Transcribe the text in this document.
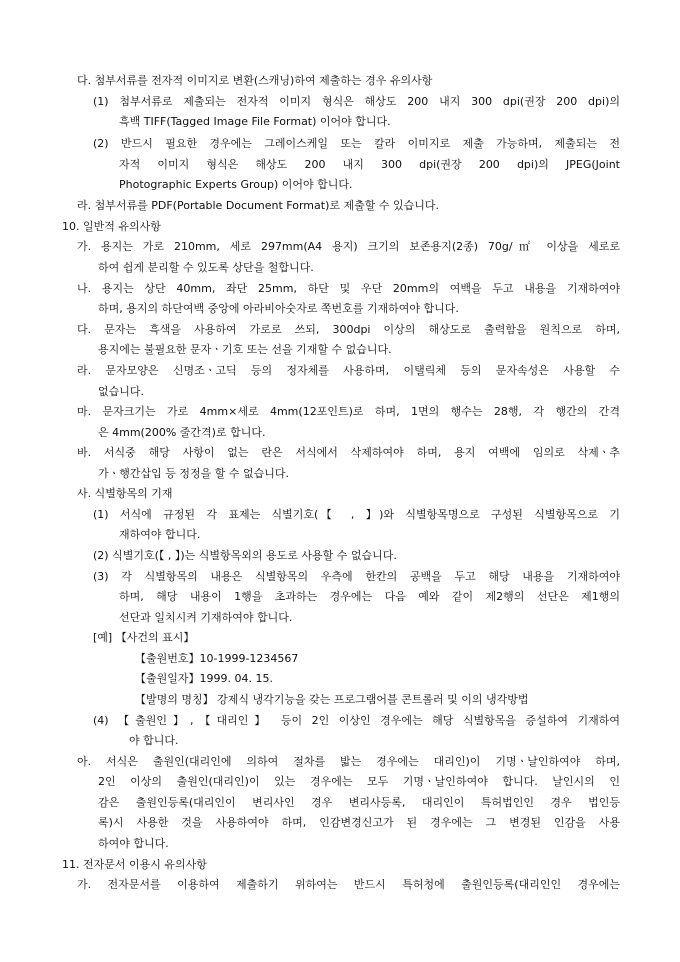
다. 첨부서류를 전자적 이미지로 변환(스캐닝)하여 제출하는 경우 유의사항
(1) 첨부서류로 제출되는 전자적 이미지 형식은 해상도 200 내지 300 dpi(권장 200 dpi)의
흑백 TIFF(Tagged Image File Format) 이어야 합니다.
(2) 반드시 필요한 경우에는 그레이스케일 또는 칼라 이미지로 제출 가능하며, 제출되는 전
자적 이미지 형식은 해상도 200 내지 300 dpi(권장 200 dpi)의 JPEG(Joint
Photographic Experts Group) 이어야 합니다.
라. 첨부서류를 PDF(Portable Document Format)로 제출할 수 있습니다.
10. 일반적 유의사항
가. 용지는 가로 210mm, 세로 297mm(A4 용지) 크기의 보존용지(2종) 70g/㎡ 이상을 세로로
하여 쉽게 분리할 수 있도록 상단을 철합니다.
나. 용지는 상단 40mm, 좌단 25mm, 하단 및 우단 20mm의 여백을 두고 내용을 기재하여야
하며, 용지의 하단여백 중앙에 아라비아숫자로 쪽번호를 기재하여야 합니다.
다. 문자는 흑색을 사용하여 가로로 쓰되, 300dpi 이상의 해상도로 출력함을 원칙으로 하며,
용지에는 불필요한 문자ㆍ기호 또는 선을 기재할 수 없습니다.
라. 문자모양은 신명조ㆍ고딕 등의 정자체를 사용하며, 이탤릭체 등의 문자속성은 사용할 수
없습니다.
마. 문자크기는 가로 4mm×세로 4mm(12포인트)로 하며, 1면의 행수는 28행, 각 행간의 간격
은 4mm(200% 줄간격)로 합니다.
바. 서식중 해당 사항이 없는 란은 서식에서 삭제하여야 하며, 용지 여백에 임의로 삭제ㆍ추
가ㆍ행간삽입 등 정정을 할 수 없습니다.
사. 식별항목의 기재
(1) 서식에 규정된 각 표제는 식별기호(【 , 】)와 식별항목명으로 구성된 식별항목으로 기
재하여야 합니다.
(2) 식별기호(【 , 】)는 식별항목외의 용도로 사용할 수 없습니다.
(3) 각 식별항목의 내용은 식별항목의 우측에 한칸의 공백을 두고 해당 내용을 기재하여야
하며, 해당 내용이 1행을 초과하는 경우에는 다음 예와 같이 제2행의 선단은 제1행의
선단과 일치시켜 기재하여야 합니다.
[예] 【사건의 표시】
【출원번호】10-1999-1234567
【출원일자】1999. 04. 15.
【발명의 명칭】 강제식 냉각기능을 갖는 프로그램어블 콘트롤러 및 이의 냉각방법
(4) 【출원인】,【대리인】 등이 2인 이상인 경우에는 해당 식별항목을 증설하여 기재하여
야 합니다.
아. 서식은 출원인(대리인에 의하여 절차를 밟는 경우에는 대리인)이 기명ㆍ날인하여야 하며,
2인 이상의 출원인(대리인)이 있는 경우에는 모두 기명ㆍ날인하여야 합니다. 날인시의 인
감은 출원인등록(대리인이 변리사인 경우 변리사등록, 대리인이 특허법인인 경우 법인등
록)시 사용한 것을 사용하여야 하며, 인감변경신고가 된 경우에는 그 변경된 인감을 사용
하여야 합니다.
11. 전자문서 이용시 유의사항
가. 전자문서를 이용하여 제출하기 위하여는 반드시 특허청에 출원인등록(대리인인 경우에는
